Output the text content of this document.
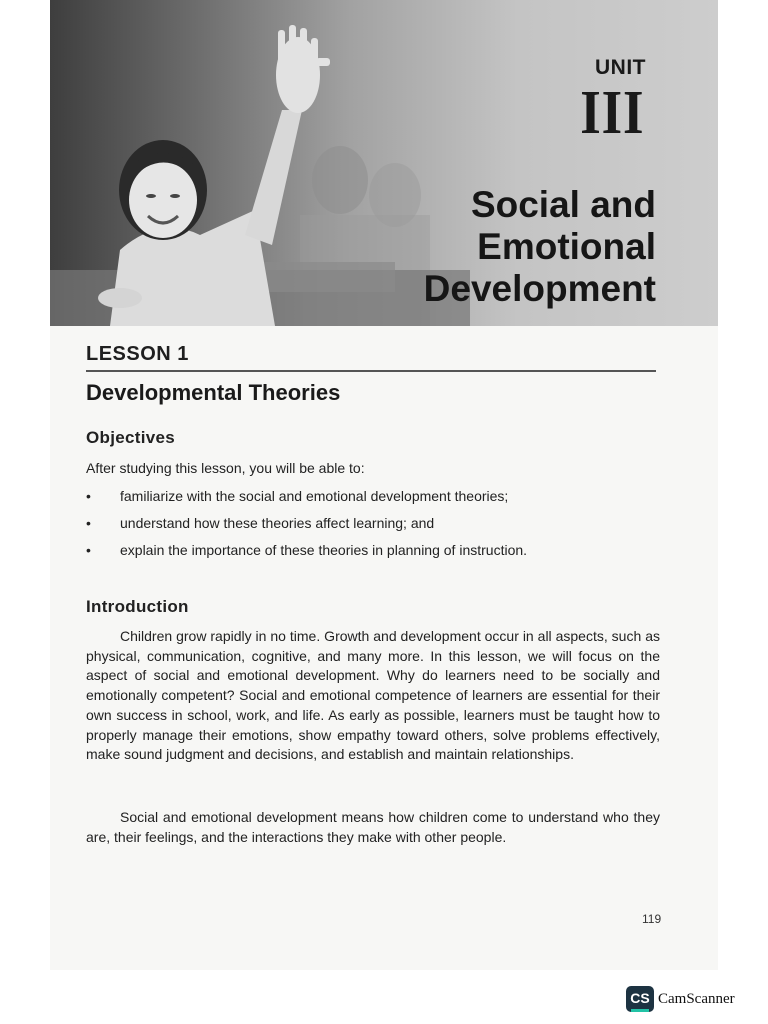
UNIT
III
Social and
Emotional
Development
LESSON 1
Developmental Theories
Objectives
After studying this lesson, you will be able to:
• familiarize with the social and emotional development theories;
• understand how these theories affect learning; and
• explain the importance of these theories in planning of instruction.
Introduction

Children grow rapidly in no time. Growth and development occur in all aspects, such as physical, communication, cognitive, and many more. In this lesson, we will focus on the aspect of social and emotional development. Why do learners need to be socially and emotionally competent? Social and emotional competence of learners are essential for their own success in school, work, and life. As early as possible, learners must be taught how to properly manage their emotions, show empathy toward others, solve problems effectively, make sound judgment and decisions, and establish and maintain relationships.

Social and emotional development means how children come to understand who they are, their feelings, and the interactions they make with other people.

119
CS CamScanner
